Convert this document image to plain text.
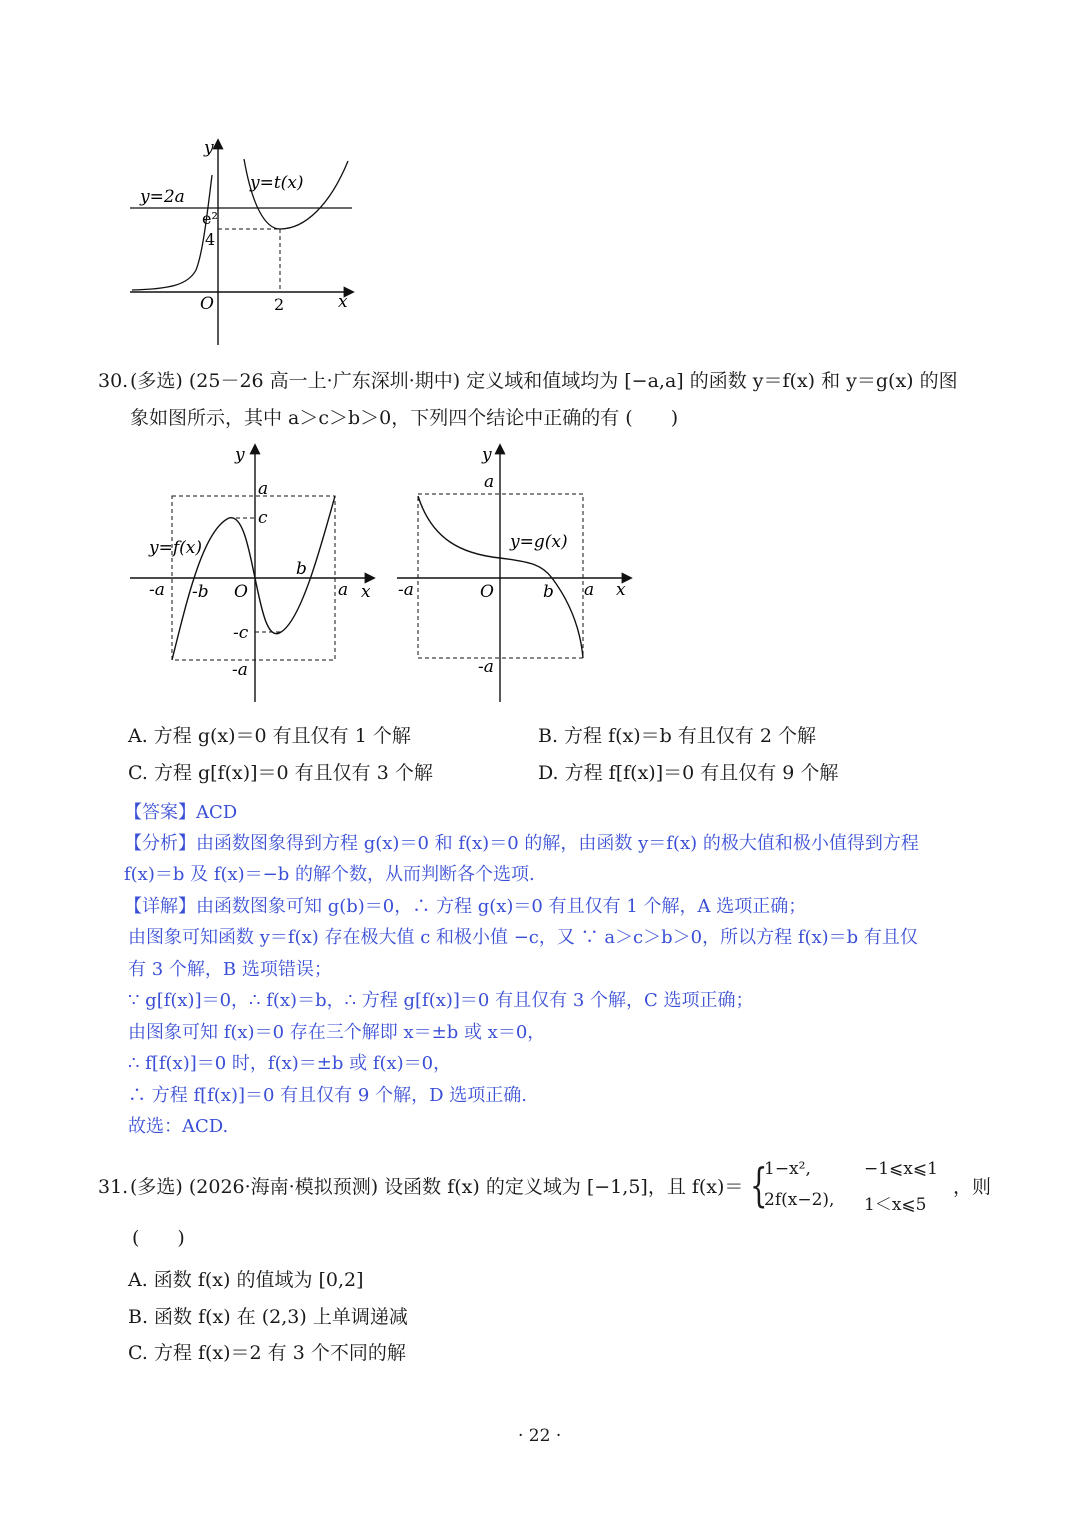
y
x
O
y=2a
y=t(x)
e²
4
2
30. (多选) (25－26 高一上·广东深圳·期中) 定义域和值域均为 [−a,a] 的函数 y＝f(x) 和 y＝g(x) 的图
象如图所示，其中 a＞c＞b＞0，下列四个结论中正确的有 (　　)
y
x
a
c
-c
-a
-a -b O
b
a
y=f(x)
y
x
a
-a
-a	O	b a
y=g(x)
A. 方程 g(x)＝0 有且仅有 1 个解	B. 方程 f(x)＝b 有且仅有 2 个解
C. 方程 g[f(x)]＝0 有且仅有 3 个解	D. 方程 f[f(x)]＝0 有且仅有 9 个解
【答案】ACD
【分析】由函数图象得到方程 g(x)＝0 和 f(x)＝0 的解，由函数 y＝f(x) 的极大值和极小值得到方程
f(x)＝b 及 f(x)＝−b 的解个数，从而判断各个选项.
【详解】由函数图象可知 g(b)＝0，∴ 方程 g(x)＝0 有且仅有 1 个解，A 选项正确；
由图象可知函数 y＝f(x) 存在极大值 c 和极小值 −c，又 ∵ a＞c＞b＞0，所以方程 f(x)＝b 有且仅
有 3 个解，B 选项错误；
∵ g[f(x)]＝0，∴ f(x)＝b，∴ 方程 g[f(x)]＝0 有且仅有 3 个解，C 选项正确；
由图象可知 f(x)＝0 存在三个解即 x＝±b 或 x＝0，
∴ f[f(x)]＝0 时，f(x)＝±b 或 f(x)＝0，
∴ 方程 f[f(x)]＝0 有且仅有 9 个解，D 选项正确.
故选：ACD.
31. (多选) (2026·海南·模拟预测) 设函数 f(x) 的定义域为 [−1,5]，且 f(x)＝ {
1−x²,	−1⩽x⩽1
2f(x−2), 1＜x⩽5
，则
(　　)
A. 函数 f(x) 的值域为 [0,2]
B. 函数 f(x) 在 (2,3) 上单调递减
C. 方程 f(x)＝2 有 3 个不同的解
· 22 ·
